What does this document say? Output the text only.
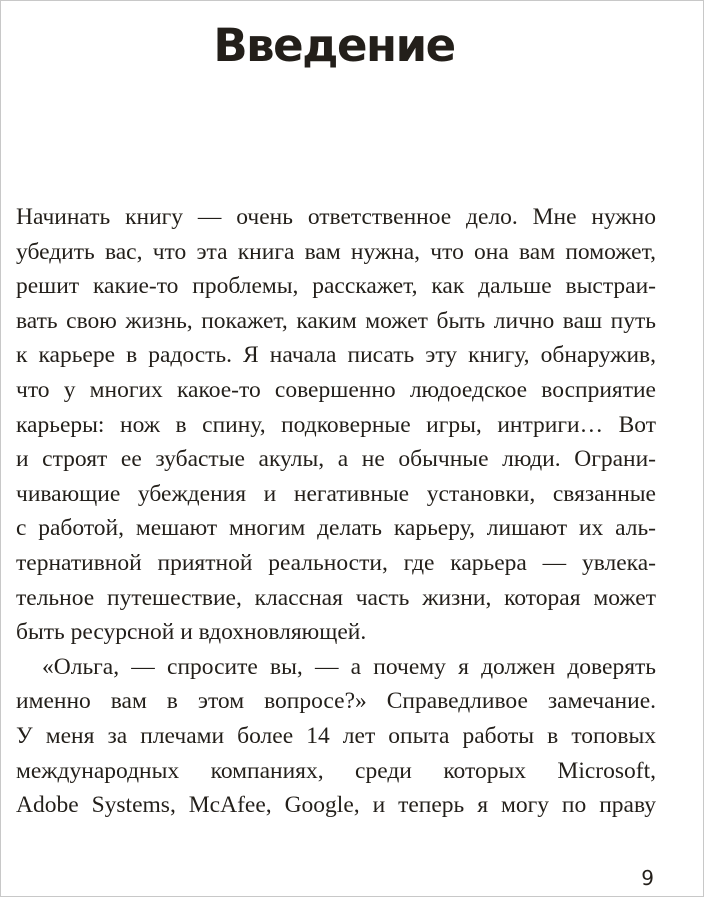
Введение

Начинать книгу — очень ответственное дело. Мне нужно
убедить вас, что эта книга вам нужна, что она вам поможет,
решит какие-то проблемы, расскажет, как дальше выстраи-
вать свою жизнь, покажет, каким может быть лично ваш путь
к карьере в радость. Я начала писать эту книгу, обнаружив,
что у многих какое-то совершенно людоедское восприятие
карьеры: нож в спину, подковерные игры, интриги… Вот
и строят ее зубастые акулы, а не обычные люди. Ограни-
чивающие убеждения и негативные установки, связанные
с работой, мешают многим делать карьеру, лишают их аль-
тернативной приятной реальности, где карьера — увлека-
тельное путешествие, классная часть жизни, которая может
быть ресурсной и вдохновляющей.

«Ольга, — спросите вы, — а почему я должен доверять
именно вам в этом вопросе?» Справедливое замечание.
У меня за плечами более 14 лет опыта работы в топовых
международных компаниях, среди которых Microsoft,
Adobe Systems, McAfee, Google, и теперь я могу по праву

9
